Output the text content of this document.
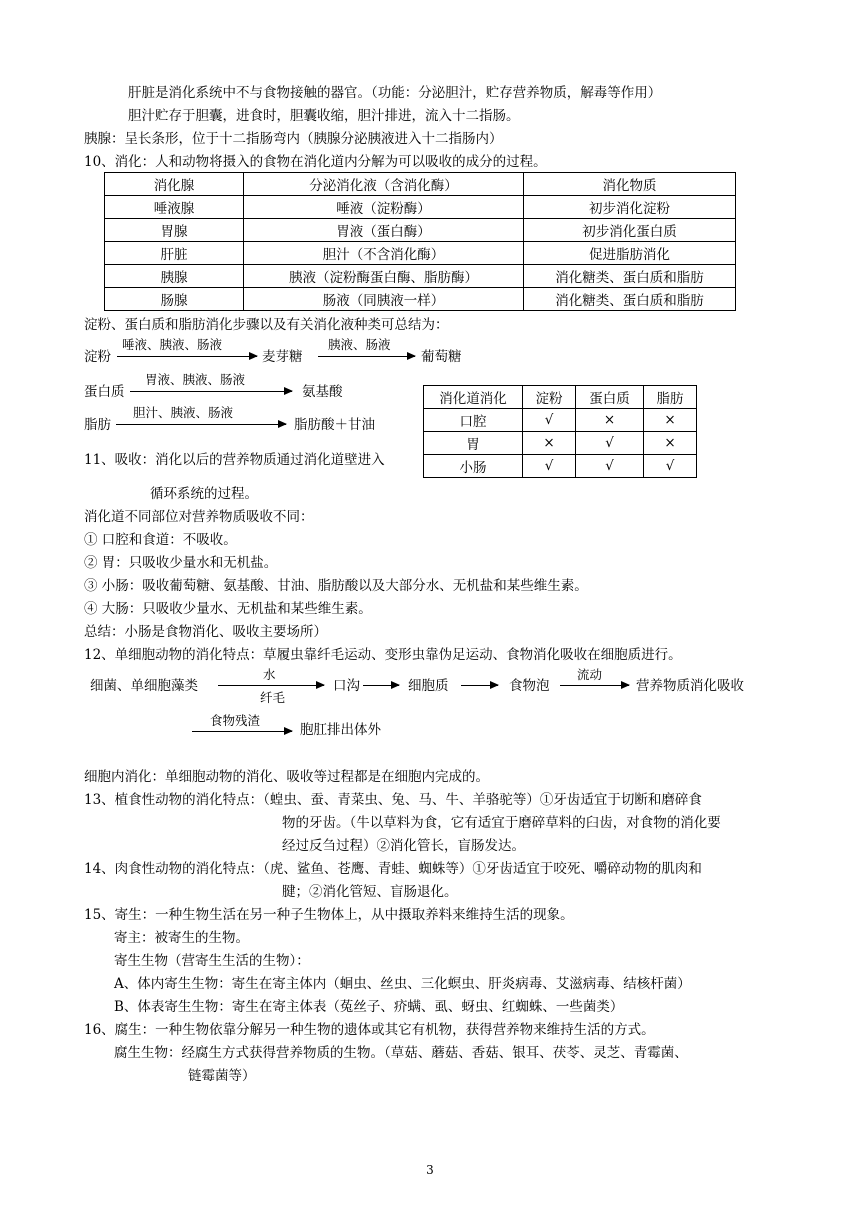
肝脏是消化系统中不与食物接触的器官。（功能：分泌胆汁，贮存营养物质，解毒等作用）
胆汁贮存于胆囊，进食时，胆囊收缩，胆汁排进，流入十二指肠。
胰腺：呈长条形，位于十二指肠弯内（胰腺分泌胰液进入十二指肠内）
10、消化：人和动物将摄入的食物在消化道内分解为可以吸收的成分的过程。
消化腺	分泌消化液（含消化酶）	消化物质
唾液腺	唾液（淀粉酶）	初步消化淀粉
胃腺	胃液（蛋白酶）	初步消化蛋白质
肝脏	胆汁（不含消化酶）	促进脂肪消化
胰腺	胰液（淀粉酶蛋白酶、脂肪酶）	消化糖类、蛋白质和脂肪
肠腺	肠液（同胰液一样）	消化糖类、蛋白质和脂肪
淀粉、蛋白质和脂肪消化步骤以及有关消化液种类可总结为：
淀粉
唾液、胰液、肠液
麦芽糖
胰液、肠液
葡萄糖
蛋白质
胃液、胰液、肠液
氨基酸
脂肪
胆汁、胰液、肠液
脂肪酸＋甘油
消化道消化	淀粉	蛋白质	脂肪
口腔	√	×	×
胃	×	√	×
小肠	√	√	√
11、吸收：消化以后的营养物质通过消化道壁进入
循环系统的过程。
消化道不同部位对营养物质吸收不同：
① 口腔和食道：不吸收。
② 胃：只吸收少量水和无机盐。
③ 小肠：吸收葡萄糖、氨基酸、甘油、脂肪酸以及大部分水、无机盐和某些维生素。
④ 大肠：只吸收少量水、无机盐和某些维生素。
总结：小肠是食物消化、吸收主要场所）
12、单细胞动物的消化特点：草履虫靠纤毛运动、变形虫靠伪足运动、食物消化吸收在细胞质进行。
细菌、单细胞藻类
水
纤毛
口沟	细胞质	食物泡
流动
营养物质消化吸收
食物残渣
胞肛排出体外
细胞内消化：单细胞动物的消化、吸收等过程都是在细胞内完成的。
13、植食性动物的消化特点：（蝗虫、蚕、青菜虫、兔、马、牛、羊骆驼等）①牙齿适宜于切断和磨碎食
物的牙齿。（牛以草料为食，它有适宜于磨碎草料的臼齿，对食物的消化要
经过反刍过程）②消化管长，盲肠发达。
14、肉食性动物的消化特点：（虎、鲨鱼、苍鹰、青蛙、蜘蛛等）①牙齿适宜于咬死、嚼碎动物的肌肉和
腱；②消化管短、盲肠退化。
15、寄生：一种生物生活在另一种子生物体上，从中摄取养料来维持生活的现象。
寄主：被寄生的生物。
寄生生物（营寄生生活的生物）：
A、体内寄生生物：寄生在寄主体内（蛔虫、丝虫、三化螟虫、肝炎病毒、艾滋病毒、结核杆菌）
B、体表寄生生物：寄生在寄主体表（菟丝子、疥螨、虱、蚜虫、红蜘蛛、一些菌类）
16、腐生：一种生物依靠分解另一种生物的遗体或其它有机物，获得营养物来维持生活的方式。
腐生生物：经腐生方式获得营养物质的生物。（草菇、蘑菇、香菇、银耳、茯苓、灵芝、青霉菌、
链霉菌等）
3
